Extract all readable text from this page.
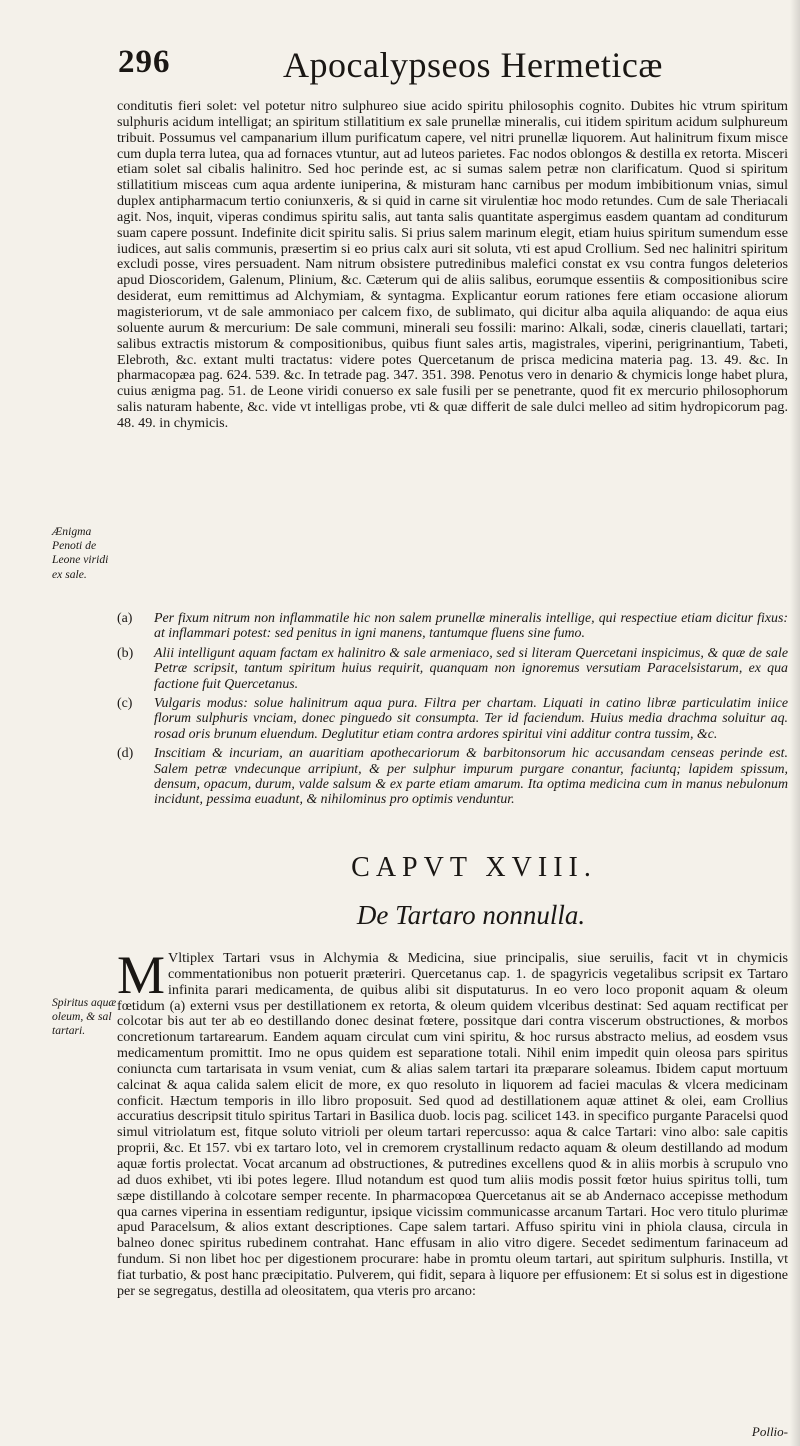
296	Apocalypseos Hermeticæ

conditutis fieri solet: vel potetur nitro sulphureo siue acido spiritu philosophis cognito. Dubites hic vtrum spiritum sulphuris acidum intelligat; an spiritum stillatitium ex sale prunellæ mineralis, cui itidem spiritum acidum sulphureum tribuit. Possumus vel campanarium illum purificatum capere, vel nitri prunellæ liquorem. Aut halinitrum fixum misce cum dupla terra lutea, qua ad fornaces vtuntur, aut ad luteos parietes. Fac nodos oblongos & destilla ex retorta. Misceri etiam solet sal cibalis halinitro. Sed hoc perinde est, ac si sumas salem petræ non clarificatum. Quod si spiritum stillatitium misceas cum aqua ardente iuniperina, & misturam hanc carnibus per modum imbibitionum vnias, simul duplex antipharmacum tertio coniunxeris, & si quid in carne sit virulentiæ hoc modo retundes. Cum de sale Theriacali agit. Nos, inquit, viperas condimus spiritu salis, aut tanta salis quantitate aspergimus easdem quantam ad conditurum suam capere possunt. Indefinite dicit spiritu salis. Si prius salem marinum elegit, etiam huius spiritum sumendum esse iudices, aut salis communis, præsertim si eo prius calx auri sit soluta, vti est apud Crollium. Sed nec halinitri spiritum excludi posse, vires persuadent. Nam nitrum obsistere putredinibus malefici constat ex vsu contra fungos deleterios apud Dioscoridem, Galenum, Plinium, &c. Cæterum qui de aliis salibus, eorumque essentiis & compositionibus scire desiderat, eum remittimus ad Alchymiam, & syntagma. Explicantur eorum rationes fere etiam occasione aliorum magisteriorum, vt de sale ammoniaco per calcem fixo, de sublimato, qui dicitur alba aquila aliquando: de aqua eius soluente aurum & mercurium: De sale communi, minerali seu fossili: marino: Alkali, sodæ, cineris clauellati, tartari; salibus extractis mistorum & compositionibus, quibus fiunt sales artis, magistrales, viperini, perigrinantium, Tabeti, Elebroth, &c. extant multi tractatus: videre potes Quercetanum de prisca medicina materia pag. 13. 49. &c. In pharmacopæa pag. 624. 539. &c. In tetrade pag. 347. 351. 398. Penotus vero in denario & chymicis longe habet plura, cuius ænigma pag. 51. de Leone viridi conuerso ex sale fusili per se penetrante, quod fit ex mercurio philosophorum salis naturam habente, &c. vide vt intelligas probe, vti & quæ differit de sale dulci melleo ad sitim hydropicorum pag. 48. 49. in chymicis.

Ænigma Penoti de Leone viridi ex sale.
(a) Per fixum nitrum non inflammatile hic non salem prunellæ mineralis intellige, qui respectiue etiam dicitur fixus: at inflammari potest: sed penitus in igni manens, tantumque fluens sine fumo.
(b) Alii intelligunt aquam factam ex halinitro & sale armeniaco, sed si literam Quercetani inspicimus, & quæ de sale Petræ scripsit, tantum spiritum huius requirit, quanquam non ignoremus versutiam Paracelsistarum, ex qua factione fuit Quercetanus.
(c) Vulgaris modus: solue halinitrum aqua pura. Filtra per chartam. Liquati in catino libræ particulatim iniice florum sulphuris vnciam, donec pinguedo sit consumpta. Ter id faciendum. Huius media drachma soluitur aq. rosad oris brunum eluendum. Deglutitur etiam contra ardores spiritui vini additur contra tussim, &c.
(d) Inscitiam & incuriam, an auaritiam apothecariorum & barbitonsorum hic accusandam censeas perinde est. Salem petræ vndecunque arripiunt, & per sulphur impurum purgare conantur, faciuntq; lapidem spissum, densum, opacum, durum, valde salsum & ex parte etiam amarum. Ita optima medicina cum in manus nebulonum incidunt, pessima euadunt, & nihilominus pro optimis venduntur.
CAPVT XVIII.
De Tartaro nonnulla.

M Vltiplex Tartari vsus in Alchymia & Medicina, siue principalis, siue seruilis, facit vt in chymicis commentationibus non potuerit præteriri. Quercetanus cap. 1. de spagyricis vegetalibus scripsit ex Tartaro infinita parari medicamenta, de quibus alibi sit disputaturus. In eo vero loco proponit aquam & oleum fœtidum (a) externi vsus per destillationem ex retorta, & oleum quidem vlceribus destinat: Sed aquam rectificat per colcotar bis aut ter ab eo destillando donec desinat fœtere, possitque dari contra viscerum obstructiones, & morbos concretionum tartarearum. Eandem aquam circulat cum vini spiritu, & hoc rursus abstracto melius, ad eosdem vsus medicamentum promittit. Imo ne opus quidem est separatione totali. Nihil enim impedit quin oleosa pars spiritus coniuncta cum tartarisata in vsum veniat, cum & alias salem tartari ita præparare soleamus. Ibidem caput mortuum calcinat & aqua calida salem elicit de more, ex quo resoluto in liquorem ad faciei maculas & vlcera medicinam conficit. Hæctum temporis in illo libro proposuit. Sed quod ad destillationem aquæ attinet & olei, eam Crollius accuratius descripsit titulo spiritus Tartari in Basilica duob. locis pag. scilicet 143. in specifico purgante Paracelsi quod simul vitriolatum est, fitque soluto vitrioli per oleum tartari repercusso: aqua & calce Tartari: vino albo: sale capitis proprii, &c. Et 157. vbi ex tartaro loto, vel in cremorem crystallinum redacto aquam & oleum destillando ad modum aquæ fortis prolectat. Vocat arcanum ad obstructiones, & putredines excellens quod & in aliis morbis à scrupulo vno ad duos exhibet, vti ibi potes legere. Illud notandum est quod tum aliis modis possit fœtor huius spiritus tolli, tum sæpe distillando à colcotare semper recente. In pharmacopœa Quercetanus ait se ab Andernaco accepisse methodum qua carnes viperina in essentiam rediguntur, ipsique vicissim communicasse arcanum Tartari. Hoc vero titulo plurimæ apud Paracelsum, & alios extant descriptiones. Cape salem tartari. Affuso spiritu vini in phiola clausa, circula in balneo donec spiritus rubedinem contrahat. Hanc effusam in alio vitro digere. Secedet sedimentum farinaceum ad fundum. Si non libet hoc per digestionem procurare: habe in promtu oleum tartari, aut spiritum sulphuris. Instilla, vt fiat turbatio, & post hanc præcipitatio. Pulverem, qui fidit, separa à liquore per effusionem: Et si solus est in digestione per se segregatus, destilla ad oleositatem, qua vteris pro arcano:

Spiritus aquæ oleum, & sal tartari.
Pollio-
